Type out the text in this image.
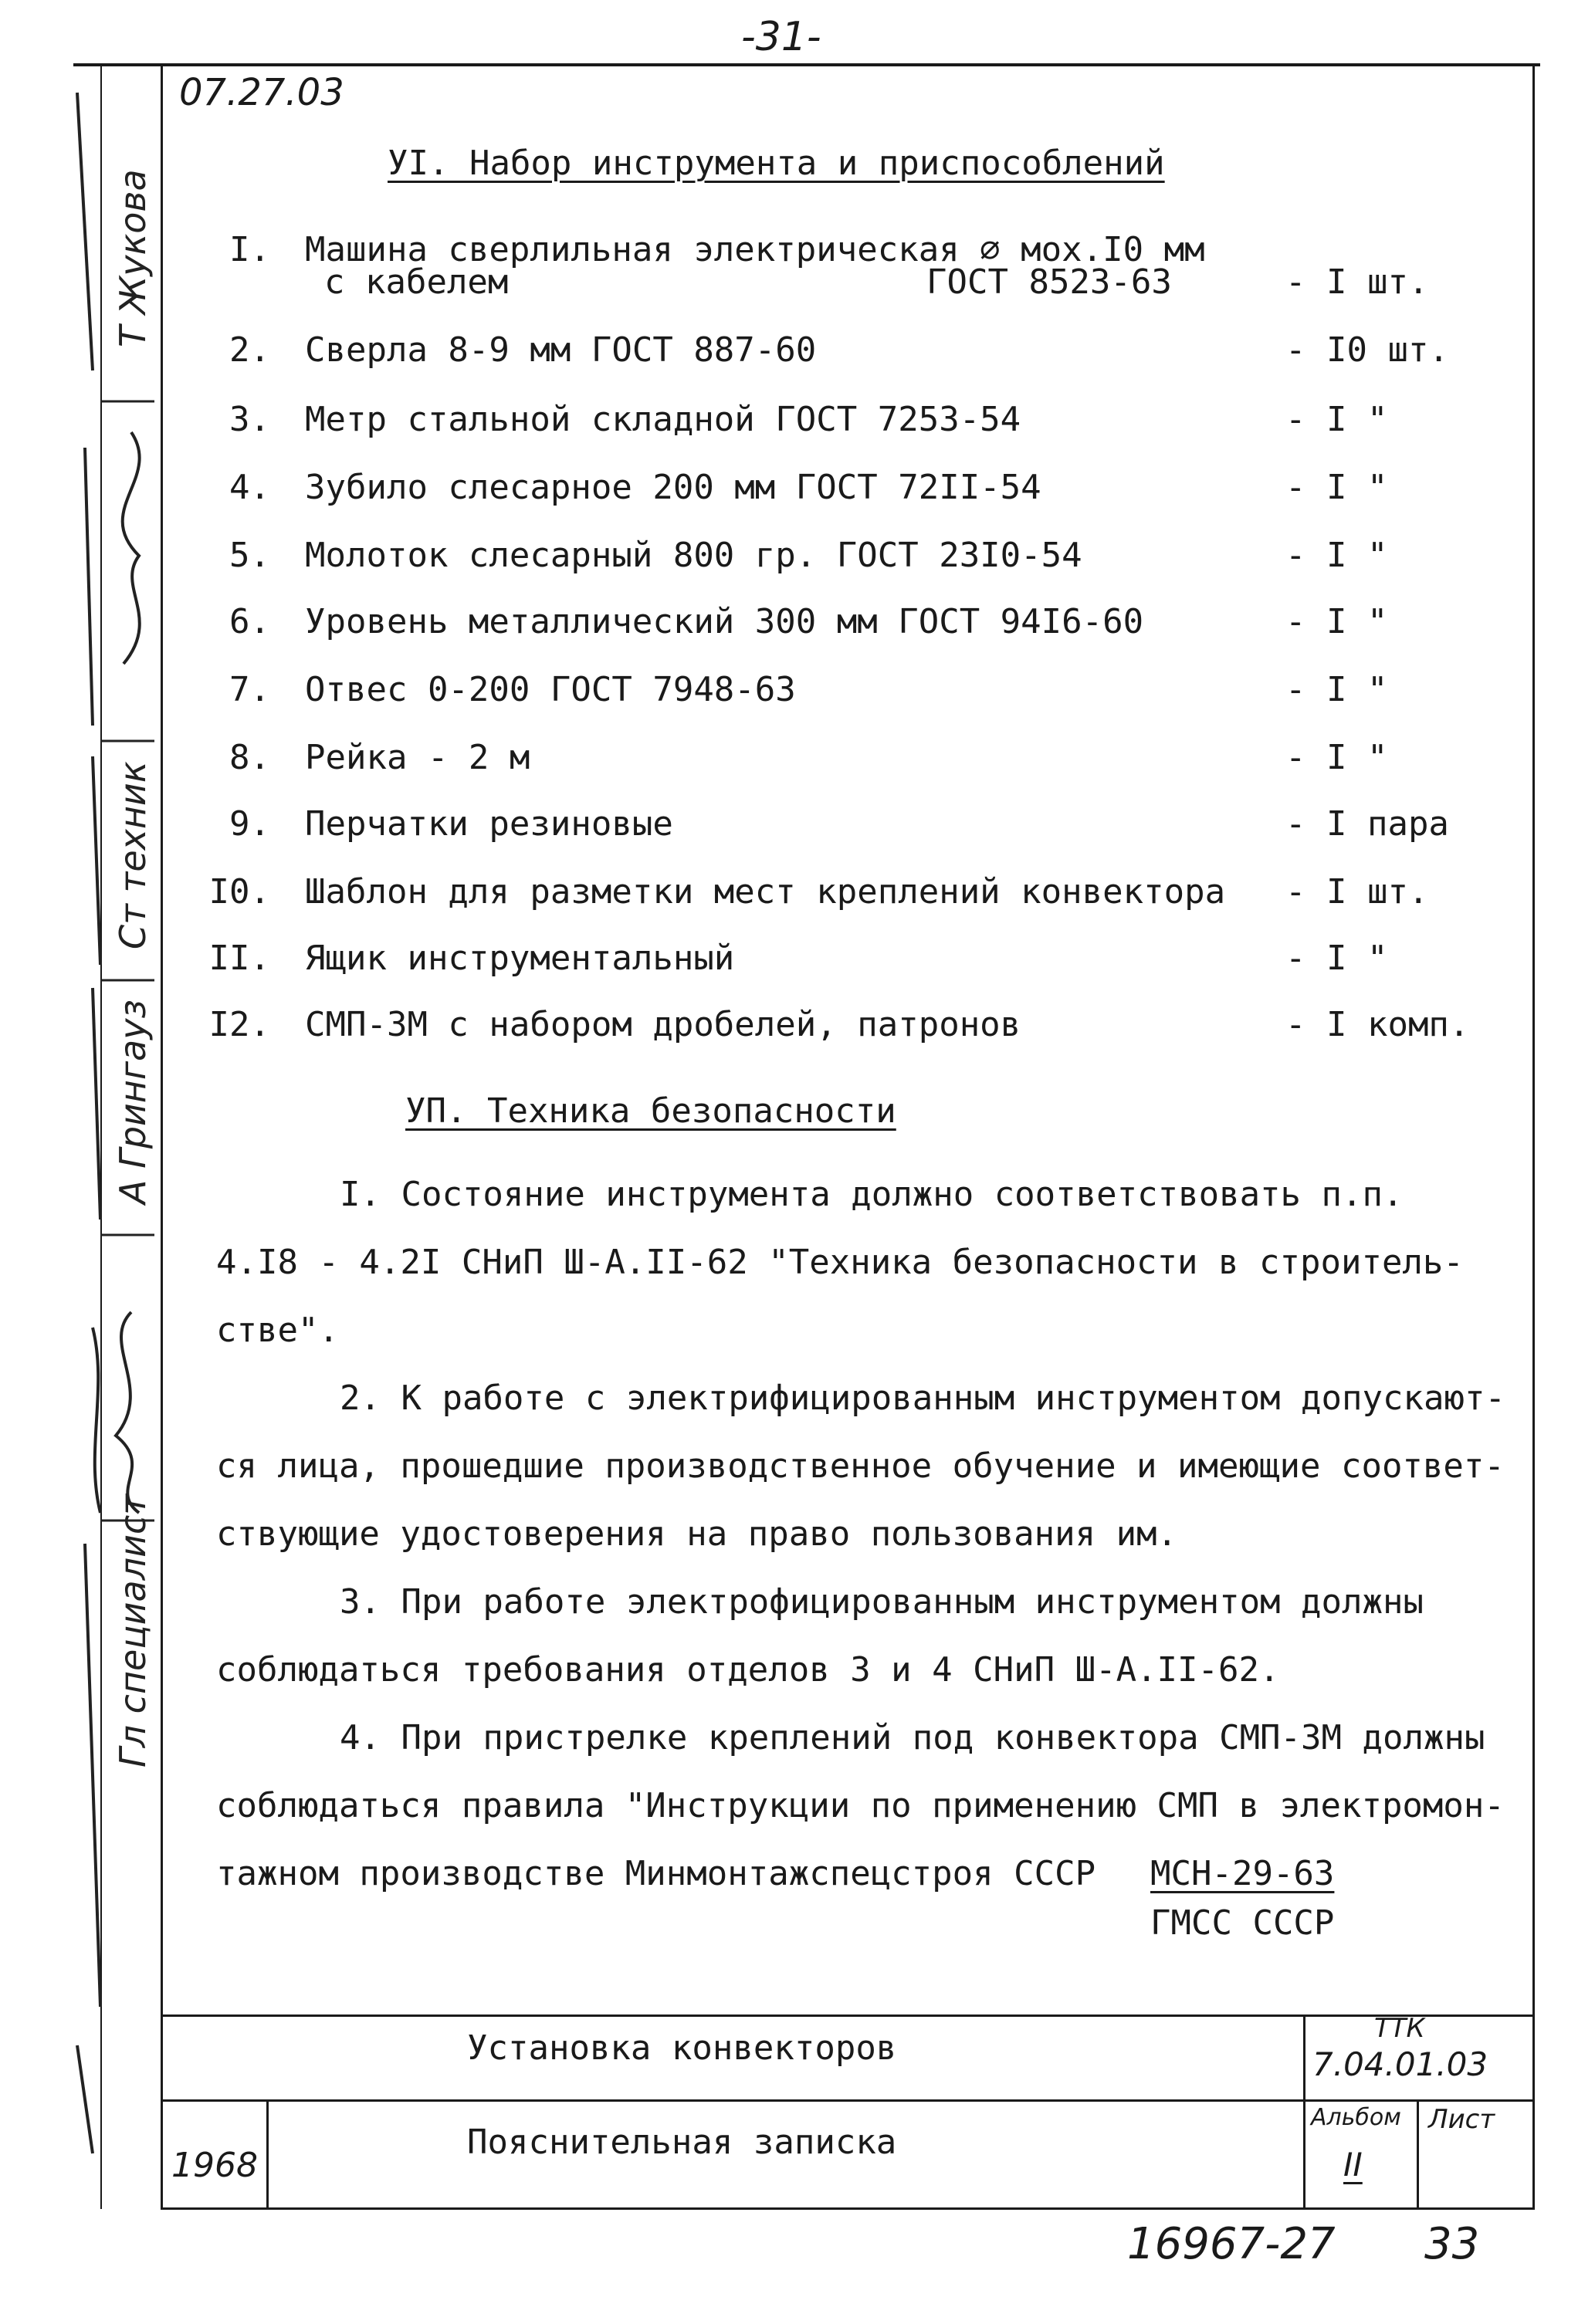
-31-
Т Жуковa
Ст техник
А Грингауз
Гл специалист
07.27.03
УI. Набор инструмента и приспособлений
I. Машина сверлильная электрическая ∅ мох.I0 мм
с кабелем	ГОСТ 8523-63	- I шт.
2. Сверла 8-9 мм ГОСТ 887-60	- I0 шт.
3. Метр стальной складной ГОСТ 7253-54	- I "
4. Зубило слесарное 200 мм ГОСТ 72II-54	- I "
5. Молоток слесарный 800 гр. ГОСТ 23I0-54	- I "
6. Уровень металлический 300 мм ГОСТ 94I6-60	- I "
7. Отвес 0-200 ГОСТ 7948-63	- I "
8. Рейка - 2 м	- I "
9. Перчатки резиновые	- I пара
I0. Шаблон для разметки мест креплений конвектора - I шт.
II. Ящик инструментальный	- I "
I2. СМП-3М с набором дробелей, патронов	- I комп.
УП. Техника безопасности
I. Состояние инструмента должно соответствовать п.п.
4.I8 - 4.2I СНиП Ш-А.II-62 "Техника безопасности в строитель-
стве".
2. К работе с электрифицированным инструментом допускают-
ся лица, прошедшие производственное обучение и имеющие соответ-
ствующие удостоверения на право пользования им.
3. При работе электрофицированным инструментом должны
соблюдаться требования отделов 3 и 4 СНиП Ш-А.II-62.
4. При пристрелке креплений под конвектора СМП-3М должны
соблюдаться правила "Инструкции по применению СМП в электромон-
тажном производстве Минмонтажспецстроя СССР МСН-29-63
ГМСС СССР
Установка конвекторов
Пояснительная записка
1968
ТТК
7.04.01.03
Альбом Лист
II
16967-27 33
